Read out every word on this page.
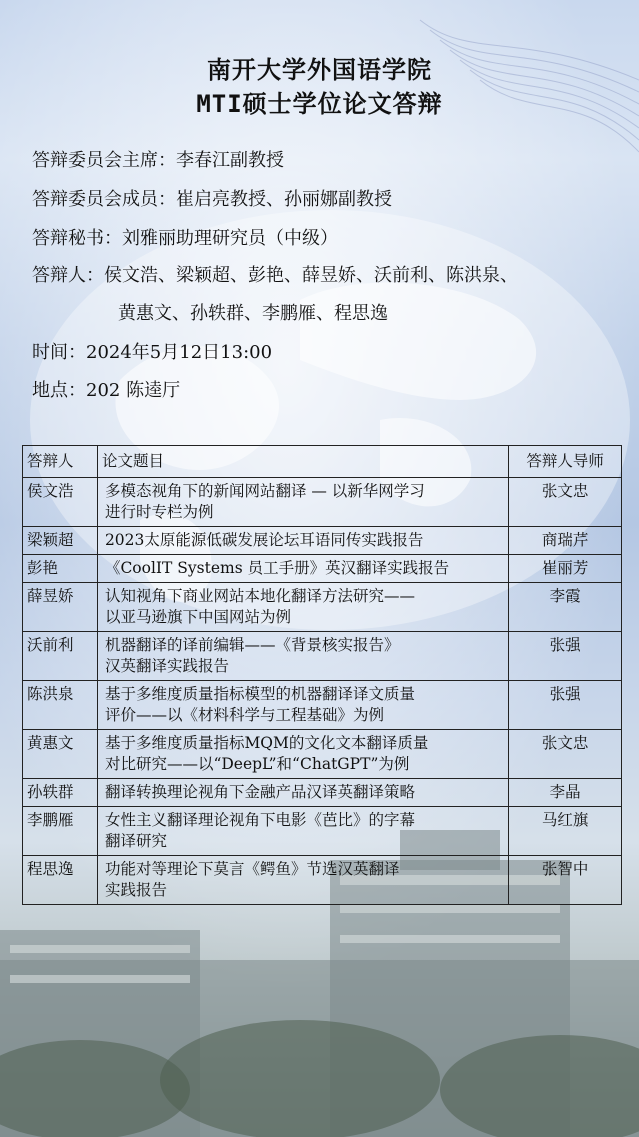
南开大学外国语学院
MTI硕士学位论文答辩
答辩委员会主席：李春江副教授
答辩委员会成员：崔启亮教授、孙丽娜副教授
答辩秘书：刘雅丽助理研究员（中级）
答辩人：侯文浩、梁颖超、彭艳、薛昱娇、沃前利、陈洪泉、
黄惠文、孙轶群、李鹏雁、程思逸
时间：2024年5月12日13:00
地点：202 陈逵厅
答辩人	论文题目	答辩人导师
侯文浩	多模态视角下的新闻网站翻译 — 以新华网学习
进行时专栏为例	张文忠
梁颖超	2023太原能源低碳发展论坛耳语同传实践报告	商瑞芹
彭艳	《CoolIT Systems 员工手册》英汉翻译实践报告	崔丽芳
薛昱娇	认知视角下商业网站本地化翻译方法研究——
以亚马逊旗下中国网站为例	李霞
沃前利	机器翻译的译前编辑——《背景核实报告》
汉英翻译实践报告	张强
陈洪泉	基于多维度质量指标模型的机器翻译译文质量
评价——以《材料科学与工程基础》为例	张强
黄惠文	基于多维度质量指标MQM的文化文本翻译质量
对比研究——以“DeepL”和“ChatGPT”为例	张文忠
孙轶群	翻译转换理论视角下金融产品汉译英翻译策略	李晶
李鹏雁	女性主义翻译理论视角下电影《芭比》的字幕
翻译研究	马红旗
程思逸	功能对等理论下莫言《鳄鱼》节选汉英翻译
实践报告	张智中
